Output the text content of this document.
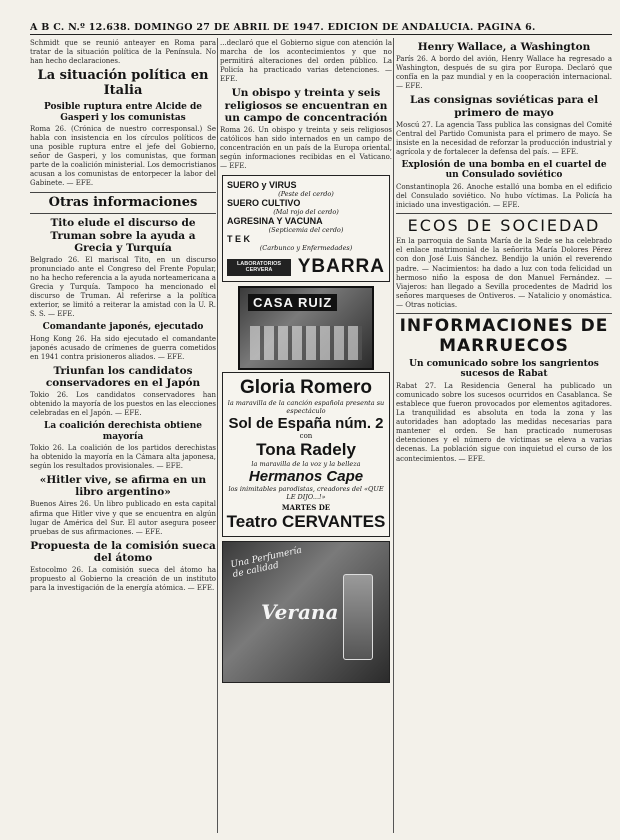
A B C. N.º 12.638. DOMINGO 27 DE ABRIL DE 1947. EDICION DE ANDALUCIA. PAGINA 6.
Schmidt que se reunió anteayer en Roma para tratar de la situación política de la Península. No han hecho declaraciones.
La situación política en Italia
Posible ruptura entre Alcide de Gasperi y los comunistas
Roma 26. (Crónica de nuestro corresponsal.) Se habla con insistencia en los círculos políticos de una posible ruptura entre el jefe del Gobierno, señor de Gasperi, y los comunistas, que forman parte de la coalición ministerial. Los democristianos acusan a los comunistas de entorpecer la labor del Gabinete. — EFE.
Otras informaciones
Tito elude el discurso de Truman sobre la ayuda a Grecia y Turquía
Belgrado 26. El mariscal Tito, en un discurso pronunciado ante el Congreso del Frente Popular, no ha hecho referencia a la ayuda norteamericana a Grecia y Turquía. Tampoco ha mencionado el discurso de Truman. Al referirse a la política exterior, se limitó a reiterar la amistad con la U. R. S. S. — EFE.
Comandante japonés, ejecutado
Hong Kong 26. Ha sido ejecutado el comandante japonés acusado de crímenes de guerra cometidos en 1941 contra prisioneros aliados. — EFE.
Triunfan los candidatos conservadores en el Japón
Tokio 26. Los candidatos conservadores han obtenido la mayoría de los puestos en las elecciones celebradas en el Japón. — EFE.
La coalición derechista obtiene mayoría
Tokio 26. La coalición de los partidos derechistas ha obtenido la mayoría en la Cámara alta japonesa, según los resultados provisionales. — EFE.
«Hitler vive, se afirma en un libro argentino»
Buenos Aires 26. Un libro publicado en esta capital afirma que Hitler vive y que se encuentra en algún lugar de América del Sur. El autor asegura poseer pruebas de sus afirmaciones. — EFE.
Propuesta de la comisión sueca del átomo
Estocolmo 26. La comisión sueca del átomo ha propuesto al Gobierno la creación de un instituto para la investigación de la energía atómica. — EFE.
...declaró que el Gobierno sigue con atención la marcha de los acontecimientos y que no permitirá alteraciones del orden público. La Policía ha practicado varias detenciones. — EFE.
Un obispo y treinta y seis religiosos se encuentran en un campo de concentración
Roma 26. Un obispo y treinta y seis religiosos católicos han sido internados en un campo de concentración en un país de la Europa oriental, según informaciones recibidas en el Vaticano. — EFE.
SUERO y VIRUS
(Peste del cerdo)
SUERO CULTIVO
(Mal rojo del cerdo)
AGRESINA Y VACUNA
(Septicemia del cerdo)
T E K
(Carbunco y Enfermedades)
LABORATORIOS CERVERA	YBARRA
CASA RUIZ
Gloria Romero
la maravilla de la canción española presenta su espectáculo
Sol de España núm. 2
con
Tona Radely
la maravilla de la voz y la belleza
Hermanos Cape
los inimitables parodistas, creadores del «QUE LE DIJO...!»
MARTES DE
Teatro CERVANTES
Una Perfumería de calidad
Verana
Henry Wallace, a Washington
París 26. A bordo del avión, Henry Wallace ha regresado a Washington, después de su gira por Europa. Declaró que confía en la paz mundial y en la cooperación internacional. — EFE.
Las consignas soviéticas para el primero de mayo
Moscú 27. La agencia Tass publica las consignas del Comité Central del Partido Comunista para el primero de mayo. Se insiste en la necesidad de reforzar la producción industrial y agrícola y de fortalecer la defensa del país. — EFE.
Explosión de una bomba en el cuartel de un Consulado soviético
Constantinopla 26. Anoche estalló una bomba en el edificio del Consulado soviético. No hubo víctimas. La Policía ha iniciado una investigación. — EFE.
ECOS DE SOCIEDAD
En la parroquia de Santa María de la Sede se ha celebrado el enlace matrimonial de la señorita María Dolores Pérez con don José Luis Sánchez. Bendijo la unión el reverendo padre. — Nacimientos: ha dado a luz con toda felicidad un hermoso niño la esposa de don Manuel Fernández. — Viajeros: han llegado a Sevilla procedentes de Madrid los señores marqueses de Ontiveros. — Natalicio y onomástica. — Otras noticias.
INFORMACIONES DE MARRUECOS
Un comunicado sobre los sangrientos sucesos de Rabat
Rabat 27. La Residencia General ha publicado un comunicado sobre los sucesos ocurridos en Casablanca. Se establece que fueron provocados por elementos agitadores. La tranquilidad es absoluta en toda la zona y las autoridades han adoptado las medidas necesarias para mantener el orden. Se han practicado numerosas detenciones y el número de víctimas se eleva a varias decenas. La población sigue con inquietud el curso de los acontecimientos. — EFE.
